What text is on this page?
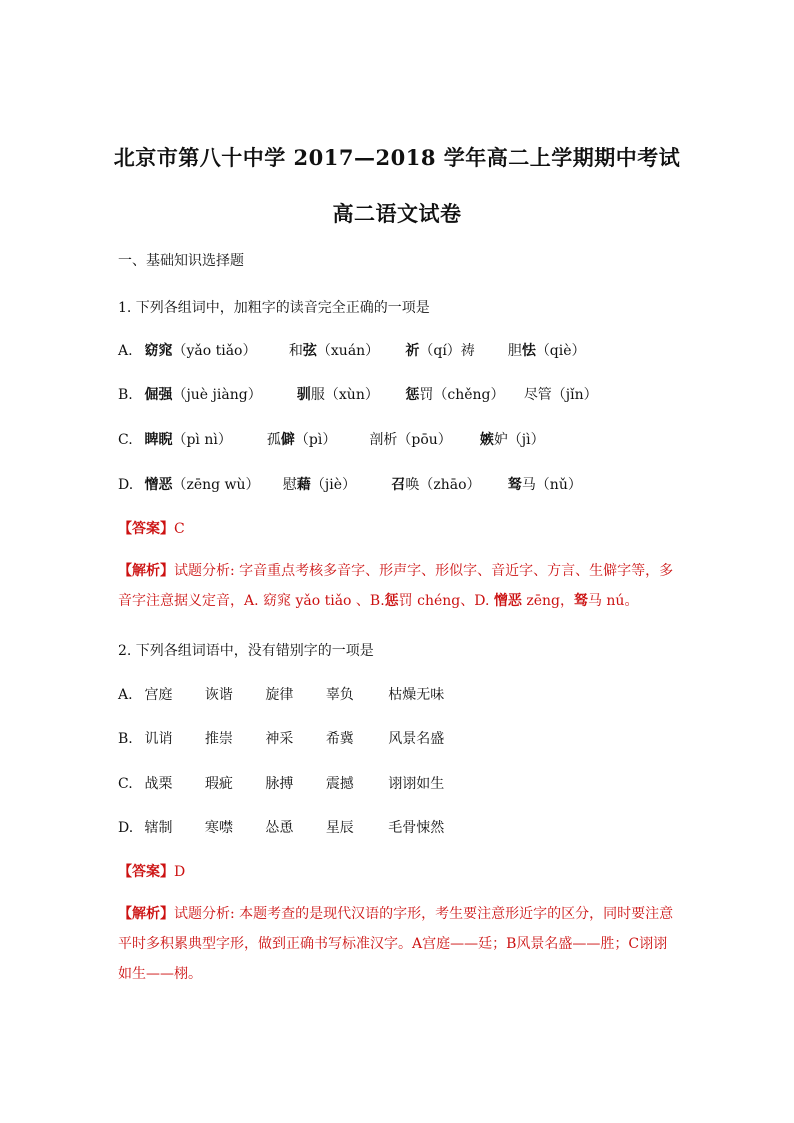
北京市第八十中学 2017—2018 学年高二上学期期中考试
高二语文试卷
一、基础知识选择题
1. 下列各组词中，加粗字的读音完全正确的一项是
A. 窈窕（yǎo tiǎo） 和弦（xuán） 祈（qí）祷 胆怯（qiè）
B. 倔强（juè jiàng）	驯服（xùn） 惩罚（chěng） 尽管（jǐn）
C. 睥睨（pì nì）	孤僻（pì） 剖析（pōu） 嫉妒（jì）
D. 憎恶（zēng wù） 慰藉（jiè）	召唤（zhāo） 驽马（nǔ）
【答案】C
【解析】试题分析: 字音重点考核多音字、形声字、形似字、音近字、方言、生僻字等，多
音字注意据义定音，A. 窈窕 yǎo tiǎo 、B.惩罚 chéng、D. 憎恶 zēng，驽马 nú。
2. 下列各组词语中，没有错别字的一项是
A. 宫庭 诙谐 旋律 辜负 枯燥无味
B. 讥诮 推崇 神采 希冀 风景名盛
C. 战栗 瑕疵 脉搏 震撼 诩诩如生
D. 辖制 寒噤 怂恿 星辰 毛骨悚然
【答案】D
【解析】试题分析: 本题考查的是现代汉语的字形，考生要注意形近字的区分，同时要注意
平时多积累典型字形，做到正确书写标准汉字。A宫庭——廷；B风景名盛——胜；C诩诩
如生——栩。
